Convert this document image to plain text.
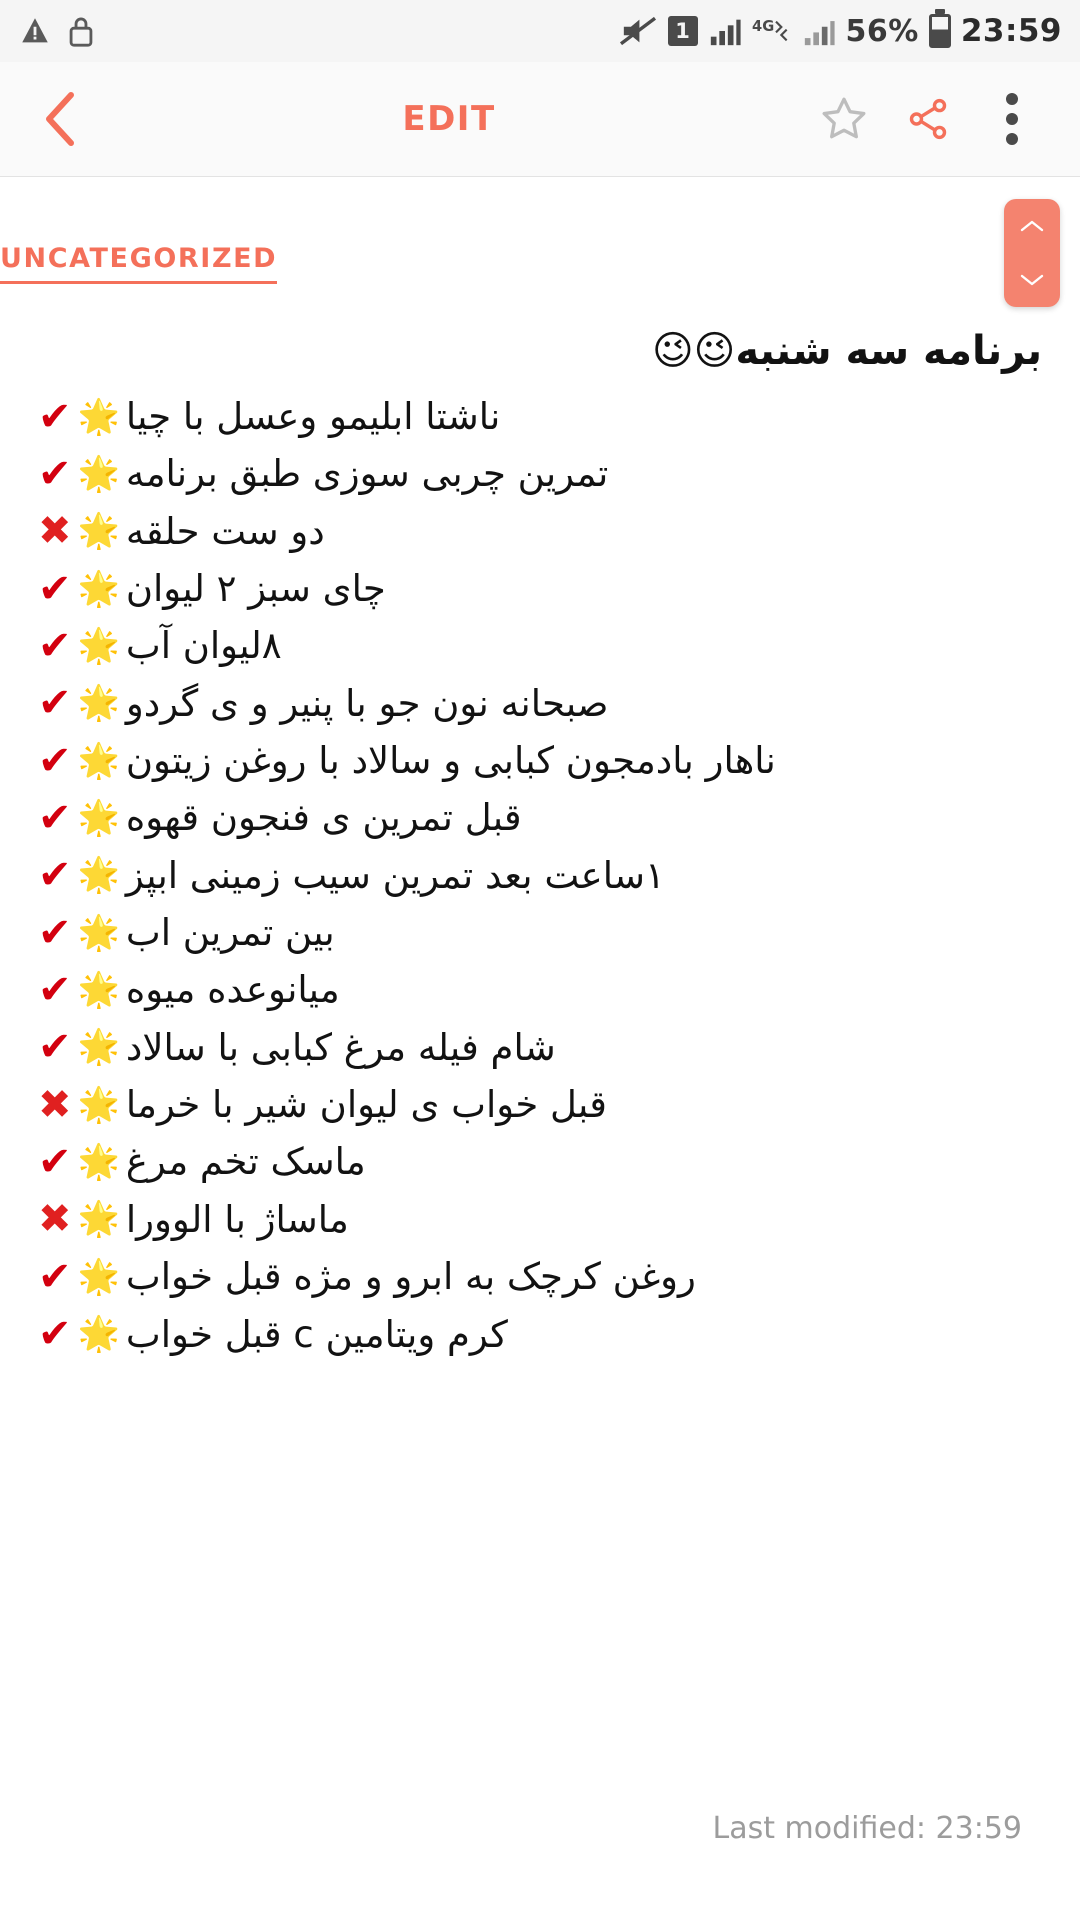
1	4G 56% 23:59
EDIT
UNCATEGORIZED
برنامه سه شنبه😉😉
✔ 🌟 ناشتا ابلیمو وعسل با چیا
✔ 🌟 تمرین چربی سوزی طبق برنامه
✖ 🌟 دو ست حلقه
✔ 🌟 چای سبز ۲ لیوان
✔ 🌟 ۸لیوان آب
✔ 🌟 صبحانه نون جو با پنیر و ی گردو
✔ 🌟 ناهار بادمجون کبابی و سالاد با روغن زیتون
✔ 🌟 قبل تمرین ی فنجون قهوه
✔ 🌟 ۱ساعت بعد تمرین سیب زمینی ابپز
✔ 🌟 بین تمرین اب
✔ 🌟 میانوعده میوه
✔ 🌟 شام فیله مرغ کبابی با سالاد
✖ 🌟 قبل خواب ی لیوان شیر با خرما
✔ 🌟 ماسک تخم مرغ
✖ 🌟 ماساژ با الوورا
✔ 🌟 روغن کرچک به ابرو و مژه قبل خواب
✔ 🌟 کرم ویتامین c قبل خواب
Last modified: 23:59
